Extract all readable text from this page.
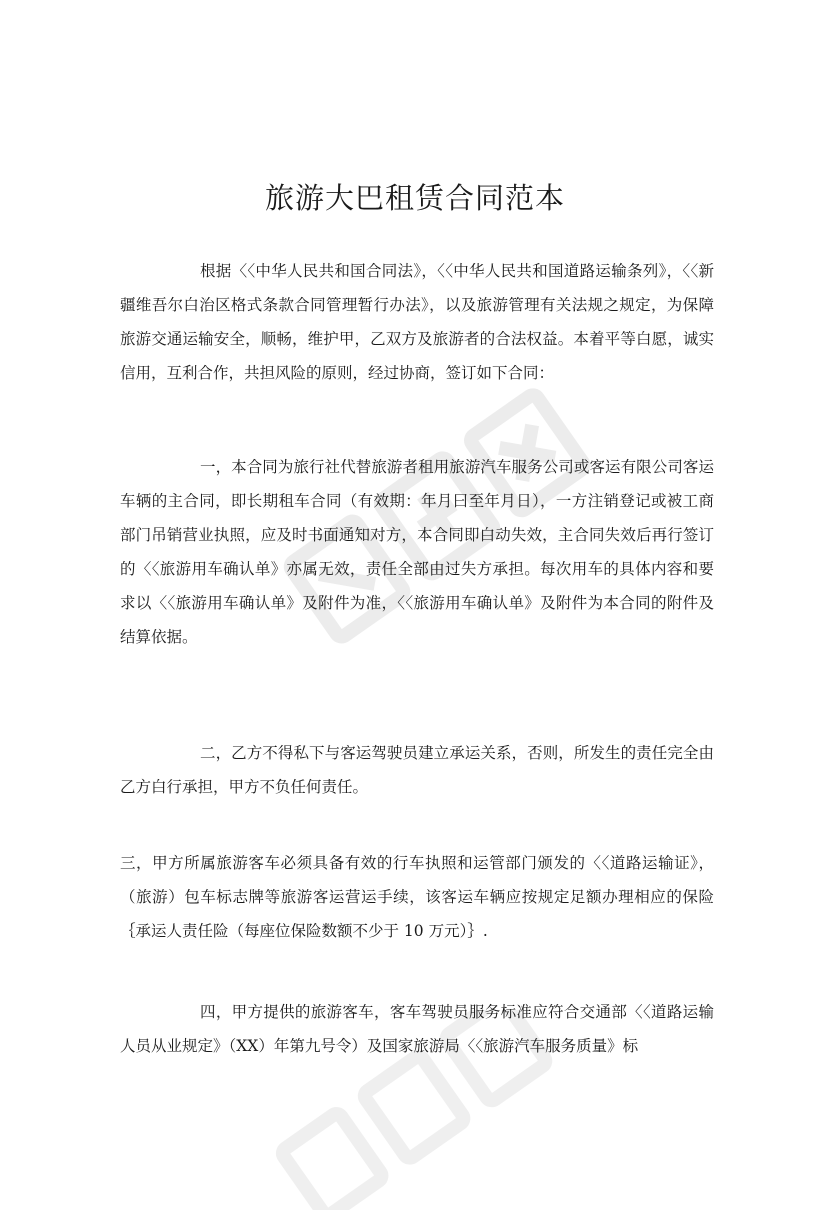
旅游大巴租赁合同范本

根据〈〈中华人民共和国合同法》，〈〈中华人民共和国道路运输条列》，〈〈新疆维吾尔白治区格式条款合同管理暂行办法》，以及旅游管理有关法规之规定，为保障旅游交通运输安全，顺畅，维护甲，乙双方及旅游者的合法权益。本着平等白愿，诚实信用，互利合作，共担风险的原则，经过协商，签订如下合同：

一，本合同为旅行社代替旅游者租用旅游汽车服务公司或客运有限公司客运车辆的主合同，即长期租车合同（有效期：年月曰至年月日），一方注销登记或被工商部门吊销营业执照，应及时书面通知对方，本合同即白动失效，主合同失效后再行签订的〈〈旅游用车确认单》亦属无效，责任全部由过失方承担。每次用车的具体内容和要求以〈〈旅游用车确认单》及附件为准，〈〈旅游用车确认单》及附件为本合同的附件及结算依据。

二，乙方不得私下与客运驾驶员建立承运关系，否则，所发生的责任完全由乙方白行承担，甲方不负任何责任。

三，甲方所属旅游客车必须具备有效的行车执照和运管部门颁发的〈〈道路运输证》，（旅游）包车标志牌等旅游客运营运手续，该客运车辆应按规定足额办理相应的保险｛承运人责任险（每座位保险数额不少于 10 万元）｝.

四，甲方提供的旅游客车，客车驾驶员服务标准应符合交通部〈〈道路运输人员从业规定》（XX）年第九号令）及国家旅游局〈〈旅游汽车服务质量》标
